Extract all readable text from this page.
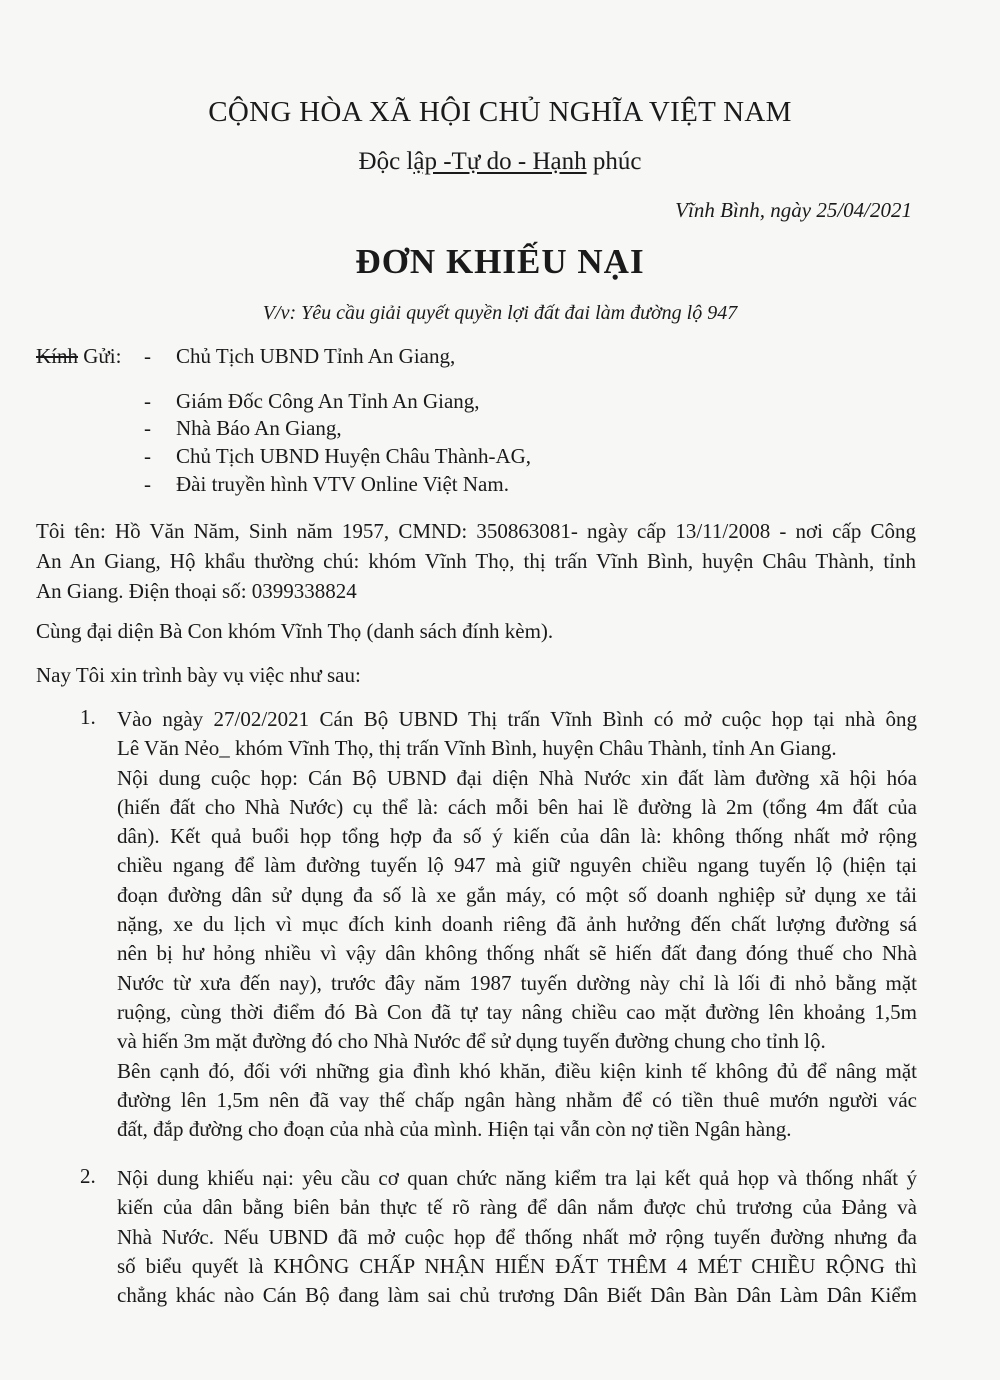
CỘNG HÒA XÃ HỘI CHỦ NGHĨA VIỆT NAM
Độc lập -Tự do - Hạnh phúc
Vĩnh Bình, ngày 25/04/2021
ĐƠN KHIẾU NẠI
V/v: Yêu cầu giải quyết quyền lợi đất đai làm đường lộ 947
Kính Gửi: - Chủ Tịch UBND Tỉnh An Giang,
- Giám Đốc Công An Tỉnh An Giang,
- Nhà Báo An Giang,
- Chủ Tịch UBND Huyện Châu Thành-AG,
- Đài truyền hình VTV Online Việt Nam.
Tôi tên: Hồ Văn Năm, Sinh năm 1957, CMND: 350863081- ngày cấp 13/11/2008 - nơi cấp Công
An An Giang, Hộ khẩu thường chú: khóm Vĩnh Thọ, thị trấn Vĩnh Bình, huyện Châu Thành, tỉnh
An Giang. Điện thoại số: 0399338824
Cùng đại diện Bà Con khóm Vĩnh Thọ (danh sách đính kèm).
Nay Tôi xin trình bày vụ việc như sau:
1. Vào ngày 27/02/2021 Cán Bộ UBND Thị trấn Vĩnh Bình có mở cuộc họp tại nhà ông
Lê Văn Nẻo_ khóm Vĩnh Thọ, thị trấn Vĩnh Bình, huyện Châu Thành, tỉnh An Giang.
Nội dung cuộc họp: Cán Bộ UBND đại diện Nhà Nước xin đất làm đường xã hội hóa
(hiến đất cho Nhà Nước) cụ thể là: cách mỗi bên hai lề đường là 2m (tổng 4m đất của
dân). Kết quả buổi họp tổng hợp đa số ý kiến của dân là: không thống nhất mở rộng
chiều ngang để làm đường tuyến lộ 947 mà giữ nguyên chiều ngang tuyến lộ (hiện tại
đoạn đường dân sử dụng đa số là xe gắn máy, có một số doanh nghiệp sử dụng xe tải
nặng, xe du lịch vì mục đích kinh doanh riêng đã ảnh hưởng đến chất lượng đường sá
nên bị hư hỏng nhiều vì vậy dân không thống nhất sẽ hiến đất đang đóng thuế cho Nhà
Nước từ xưa đến nay), trước đây năm 1987 tuyến dường này chỉ là lối đi nhỏ bằng mặt
ruộng, cùng thời điểm đó Bà Con đã tự tay nâng chiều cao mặt đường lên khoảng 1,5m
và hiến 3m mặt đường đó cho Nhà Nước để sử dụng tuyến đường chung cho tỉnh lộ.
Bên cạnh đó, đối với những gia đình khó khăn, điều kiện kinh tế không đủ để nâng mặt
đường lên 1,5m nên đã vay thế chấp ngân hàng nhằm để có tiền thuê mướn người vác
đất, đắp đường cho đoạn của nhà của mình. Hiện tại vẫn còn nợ tiền Ngân hàng.
2. Nội dung khiếu nại: yêu cầu cơ quan chức năng kiểm tra lại kết quả họp và thống nhất ý
kiến của dân bằng biên bản thực tế rõ ràng để dân nắm được chủ trương của Đảng và
Nhà Nước. Nếu UBND đã mở cuộc họp để thống nhất mở rộng tuyến đường nhưng đa
số biểu quyết là KHÔNG CHẤP NHẬN HIẾN ĐẤT THÊM 4 MÉT CHIỀU RỘNG thì
chẳng khác nào Cán Bộ đang làm sai chủ trương Dân Biết Dân Bàn Dân Làm Dân Kiểm
